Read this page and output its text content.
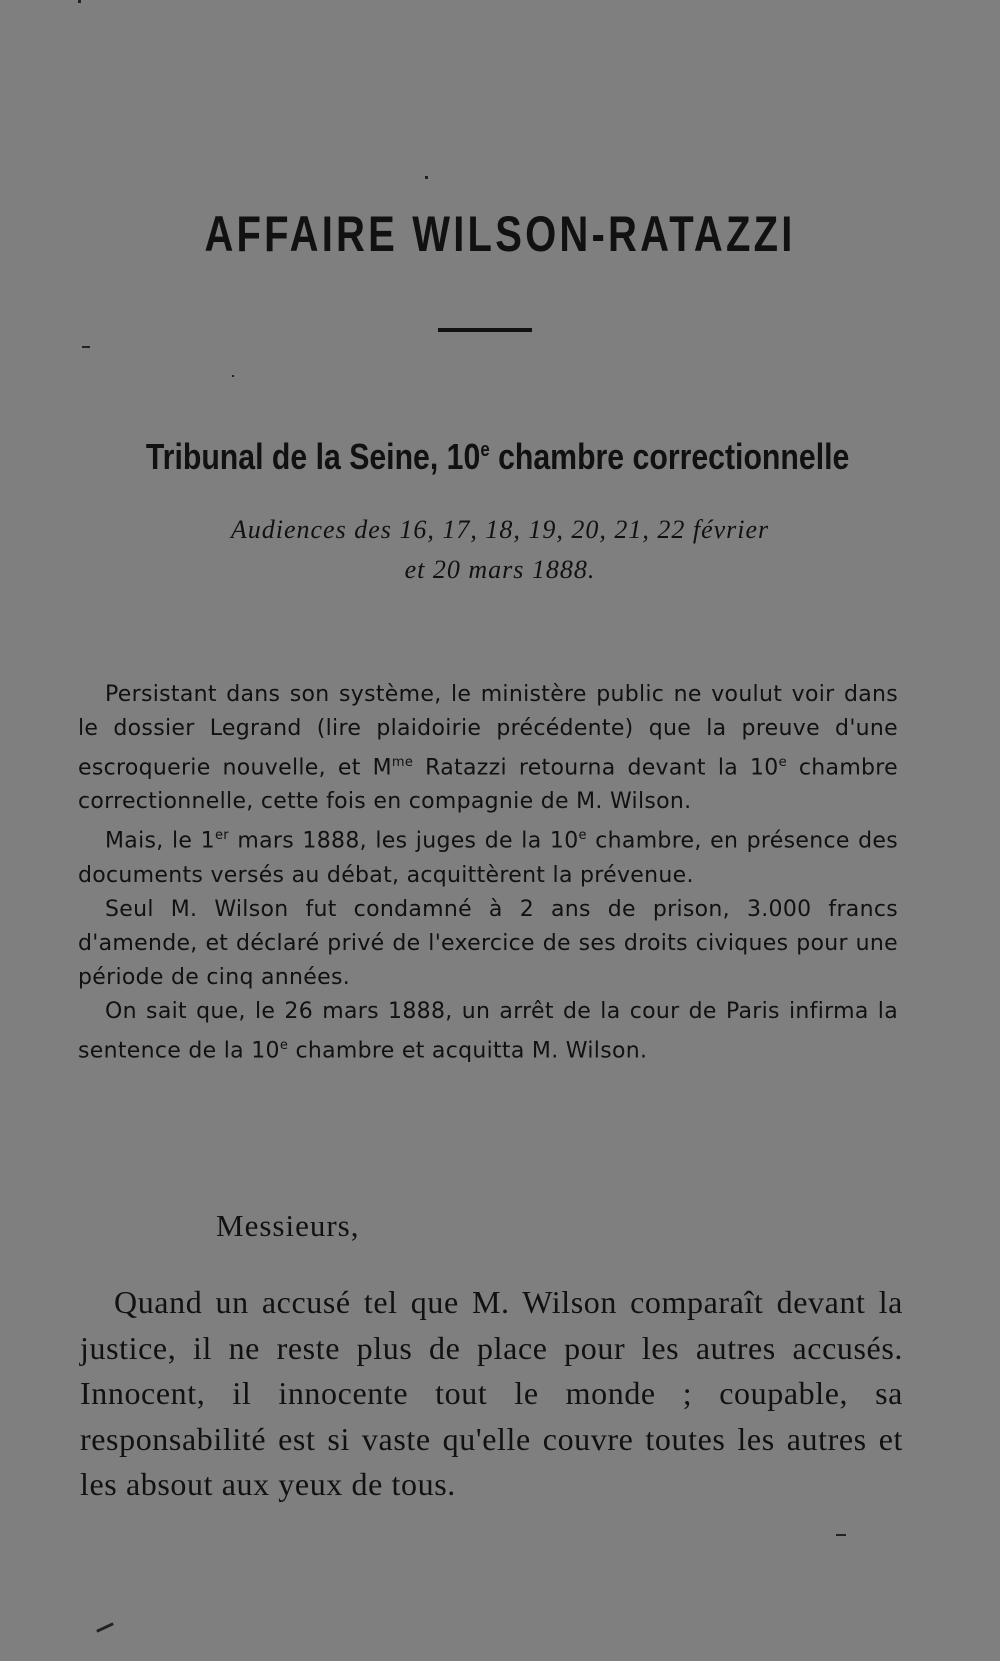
AFFAIRE WILSON-RATAZZI
Tribunal de la Seine, 10e chambre correctionnelle

Audiences des 16, 17, 18, 19, 20, 21, 22 février
et 20 mars 1888.

Persistant dans son système, le ministère public ne voulut voir dans le dossier Legrand (lire plaidoirie précédente) que la preuve d'une escroquerie nouvelle, et $M^{me}$ Ratazzi retourna devant la 10e chambre correctionnelle, cette fois en compagnie de M. Wilson.

Mais, le 1er mars 1888, les juges de la 10e chambre, en présence des documents versés au débat, acquittèrent la prévenue.

Seul M. Wilson fut condamné à 2 ans de prison, 3.000 francs d'amende, et déclaré privé de l'exercice de ses droits civiques pour une période de cinq années.

On sait que, le 26 mars 1888, un arrêt de la cour de Paris infirma la sentence de la 10e chambre et acquitta M. Wilson.

Messieurs,

Quand un accusé tel que M. Wilson comparaît devant la justice, il ne reste plus de place pour les autres accusés. Innocent, il innocente tout le monde ; coupable, sa responsabilité est si vaste qu'elle couvre toutes les autres et les absout aux yeux de tous.
